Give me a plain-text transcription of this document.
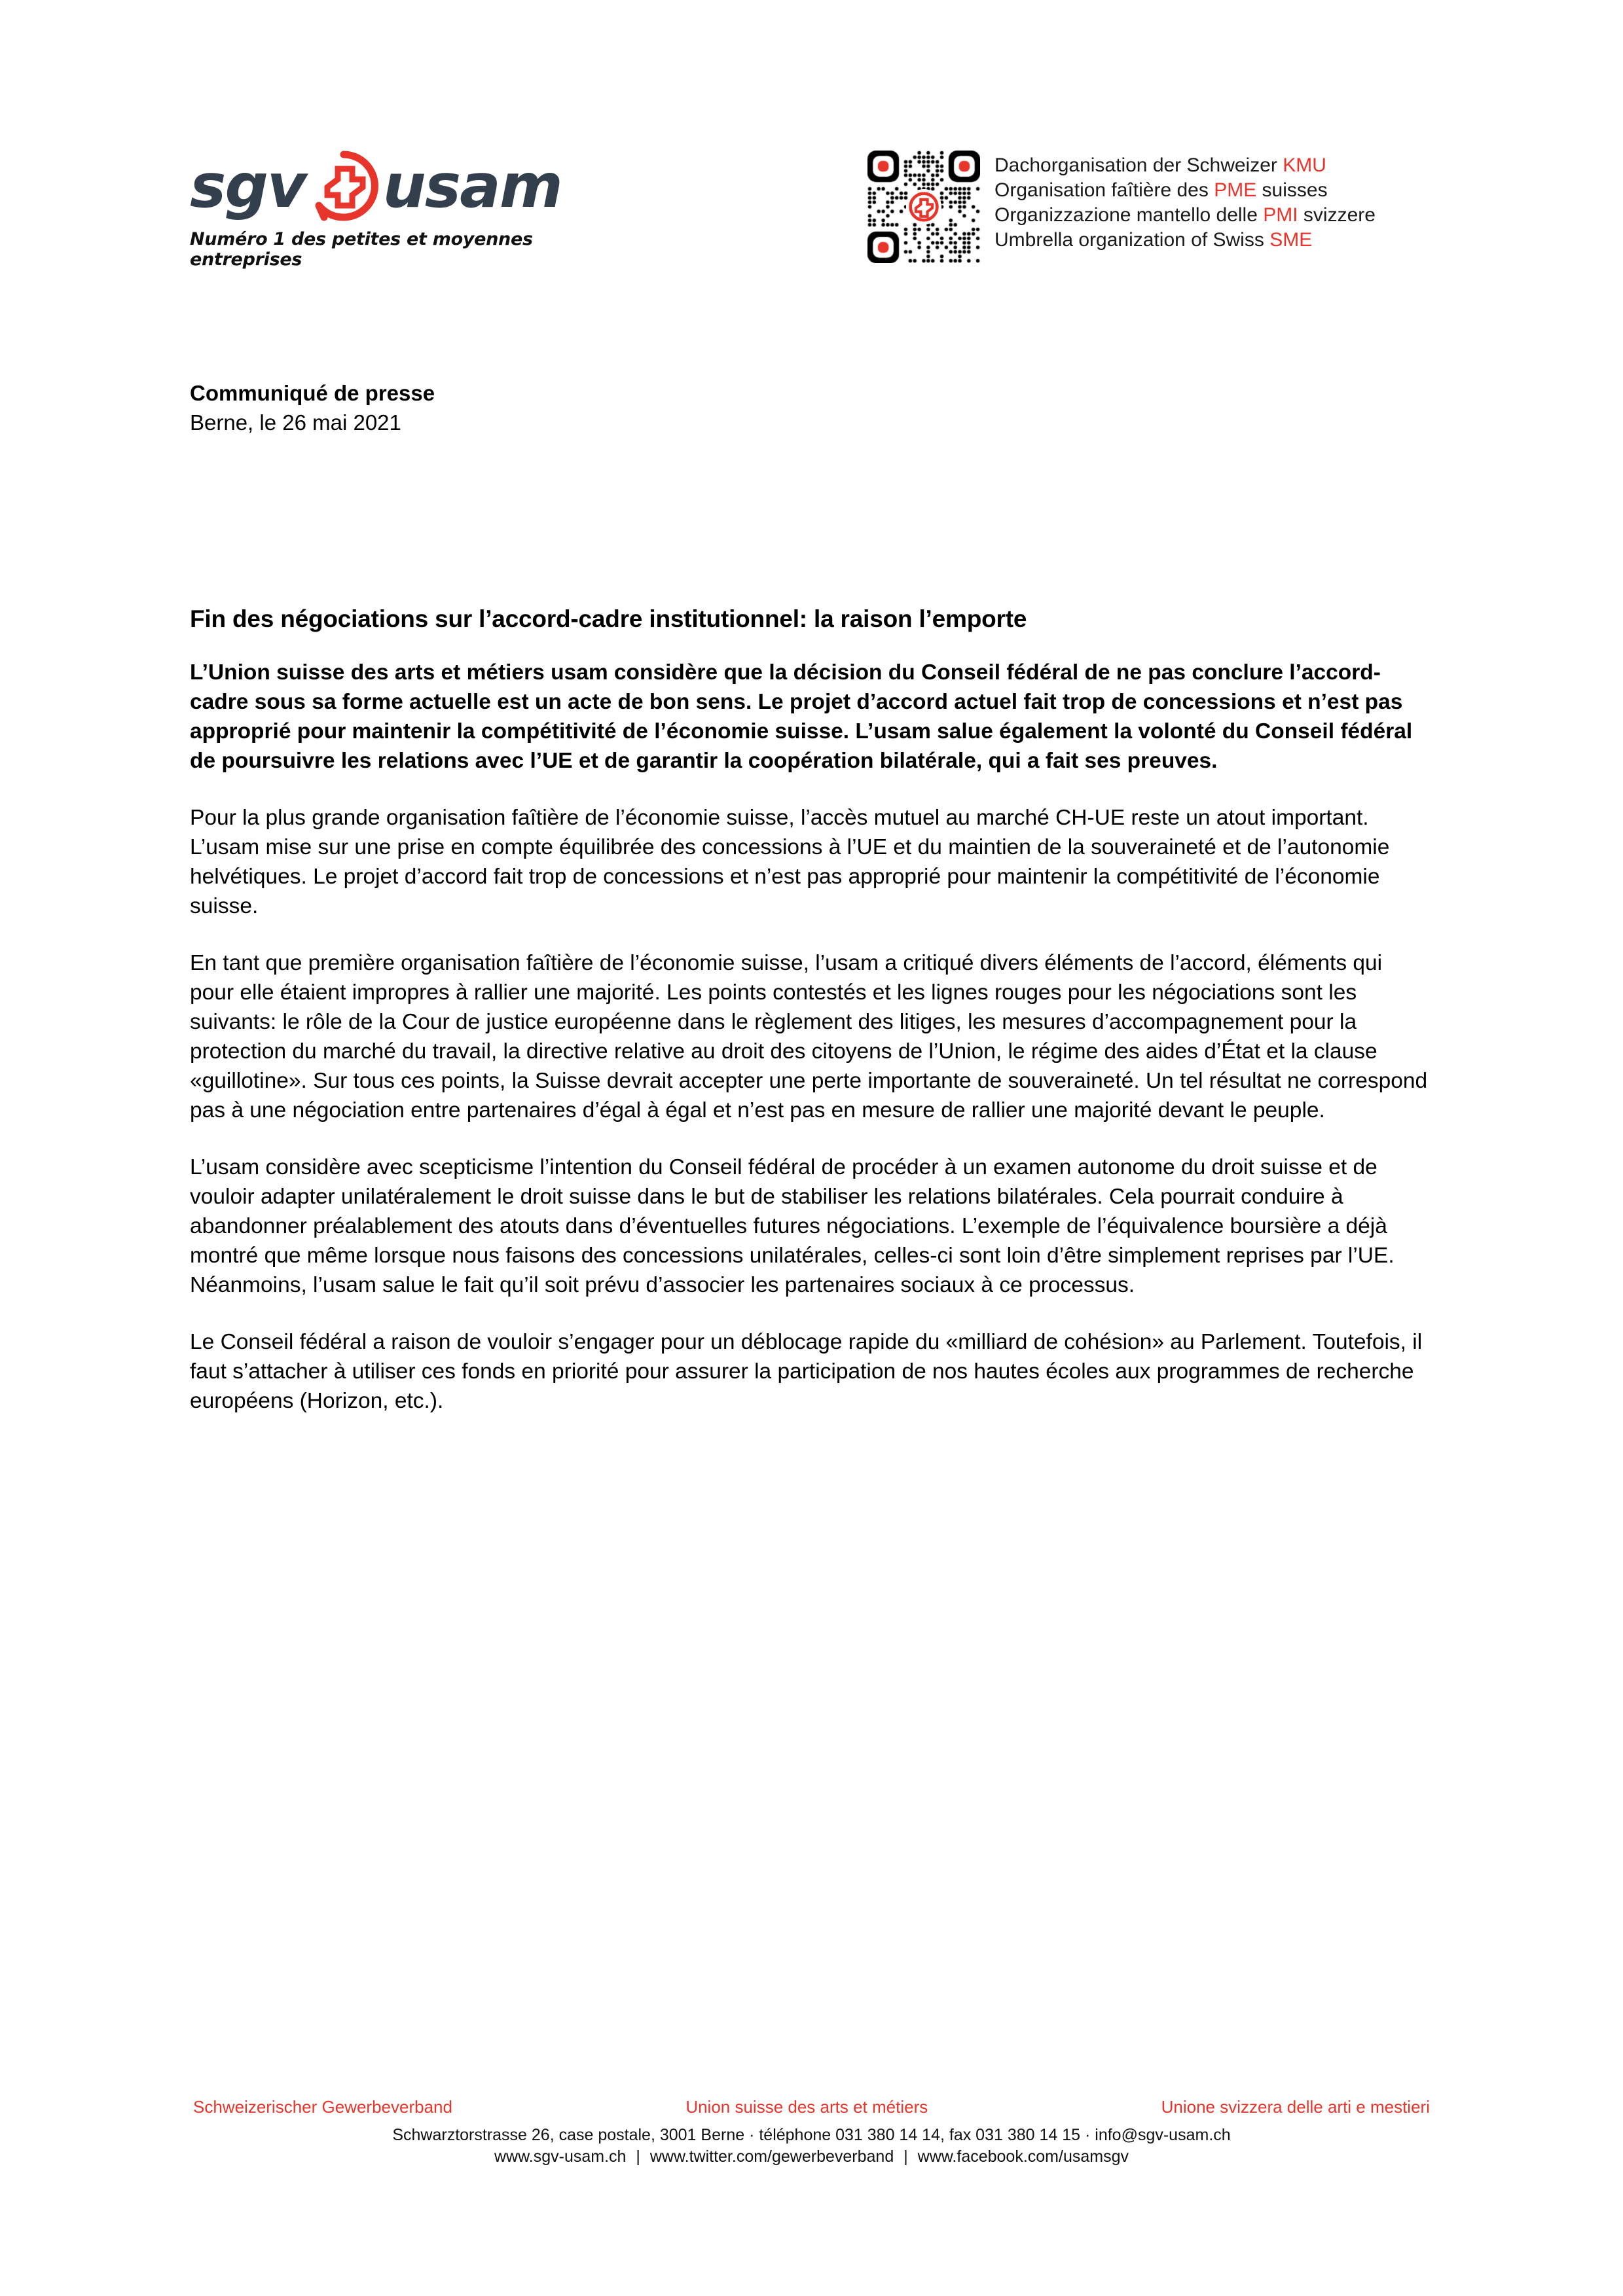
sgv usam
Numéro 1 des petites et moyennes entreprises
Dachorganisation der Schweizer KMU
Organisation faîtière des PME suisses
Organizzazione mantello delle PMI svizzere
Umbrella organization of Swiss SME
Communiqué de presse
Berne, le 26 mai 2021
Fin des négociations sur l’accord-cadre institutionnel: la raison l’emporte

L’Union suisse des arts et métiers usam considère que la décision du Conseil fédéral de ne pas conclure l’accord-cadre sous sa forme actuelle est un acte de bon sens. Le projet d’accord actuel fait trop de concessions et n’est pas approprié pour maintenir la compétitivité de l’économie suisse. L’usam salue également la volonté du Conseil fédéral de poursuivre les relations avec l’UE et de garantir la coopération bilatérale, qui a fait ses preuves.

Pour la plus grande organisation faîtière de l’économie suisse, l’accès mutuel au marché CH-UE reste un atout important. L’usam mise sur une prise en compte équilibrée des concessions à l’UE et du maintien de la souveraineté et de l’autonomie helvétiques. Le projet d’accord fait trop de concessions et n’est pas approprié pour maintenir la compétitivité de l’économie suisse.

En tant que première organisation faîtière de l’économie suisse, l’usam a critiqué divers éléments de l’accord, éléments qui pour elle étaient impropres à rallier une majorité. Les points contestés et les lignes rouges pour les négociations sont les suivants: le rôle de la Cour de justice européenne dans le règlement des litiges, les mesures d’accompagnement pour la protection du marché du travail, la directive relative au droit des citoyens de l’Union, le régime des aides d’État et la clause «guillotine». Sur tous ces points, la Suisse devrait accepter une perte importante de souveraineté. Un tel résultat ne correspond pas à une négociation entre partenaires d’égal à égal et n’est pas en mesure de rallier une majorité devant le peuple.

L’usam considère avec scepticisme l’intention du Conseil fédéral de procéder à un examen autonome du droit suisse et de vouloir adapter unilatéralement le droit suisse dans le but de stabiliser les relations bilatérales. Cela pourrait conduire à abandonner préalablement des atouts dans d’éventuelles futures négociations. L’exemple de l’équivalence boursière a déjà montré que même lorsque nous faisons des concessions unilatérales, celles-ci sont loin d’être simplement reprises par l’UE. Néanmoins, l’usam salue le fait qu’il soit prévu d’associer les partenaires sociaux à ce processus.

Le Conseil fédéral a raison de vouloir s’engager pour un déblocage rapide du «milliard de cohésion» au Parlement. Toutefois, il faut s’attacher à utiliser ces fonds en priorité pour assurer la participation de nos hautes écoles aux programmes de recherche européens (Horizon, etc.).

Schweizerischer Gewerbeverband	Union suisse des arts et métiers	Unione svizzera delle arti e mestieri
Schwarztorstrasse 26, case postale, 3001 Berne · téléphone 031 380 14 14, fax 031 380 14 15 · info@sgv-usam.ch
www.sgv-usam.ch | www.twitter.com/gewerbeverband | www.facebook.com/usamsgv
